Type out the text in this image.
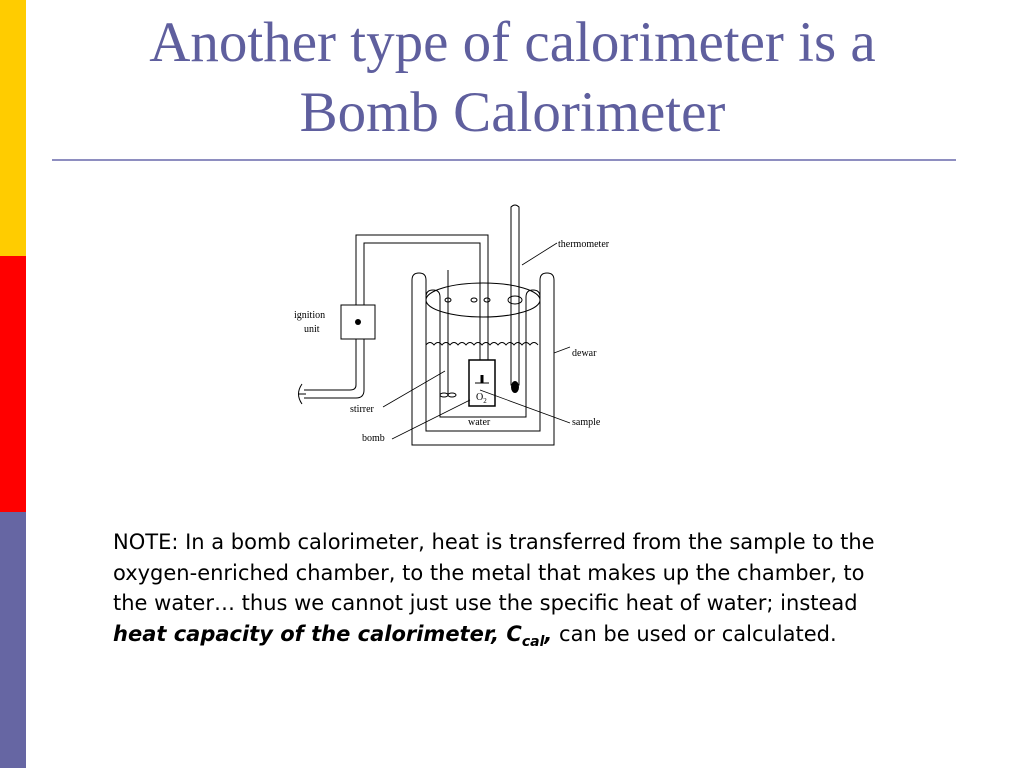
Another type of calorimeter is a
Bomb Calorimeter
thermometer
ignition
unit
dewar
stirrer
bomb
water	sample
$O_2$

NOTE: In a bomb calorimeter, heat is transferred from the sample to the oxygen-enriched chamber, to the metal that makes up the chamber, to the water… thus we cannot just use the specific heat of water; instead heat capacity of the calorimeter, $C_{cal}$, can be used or calculated.
